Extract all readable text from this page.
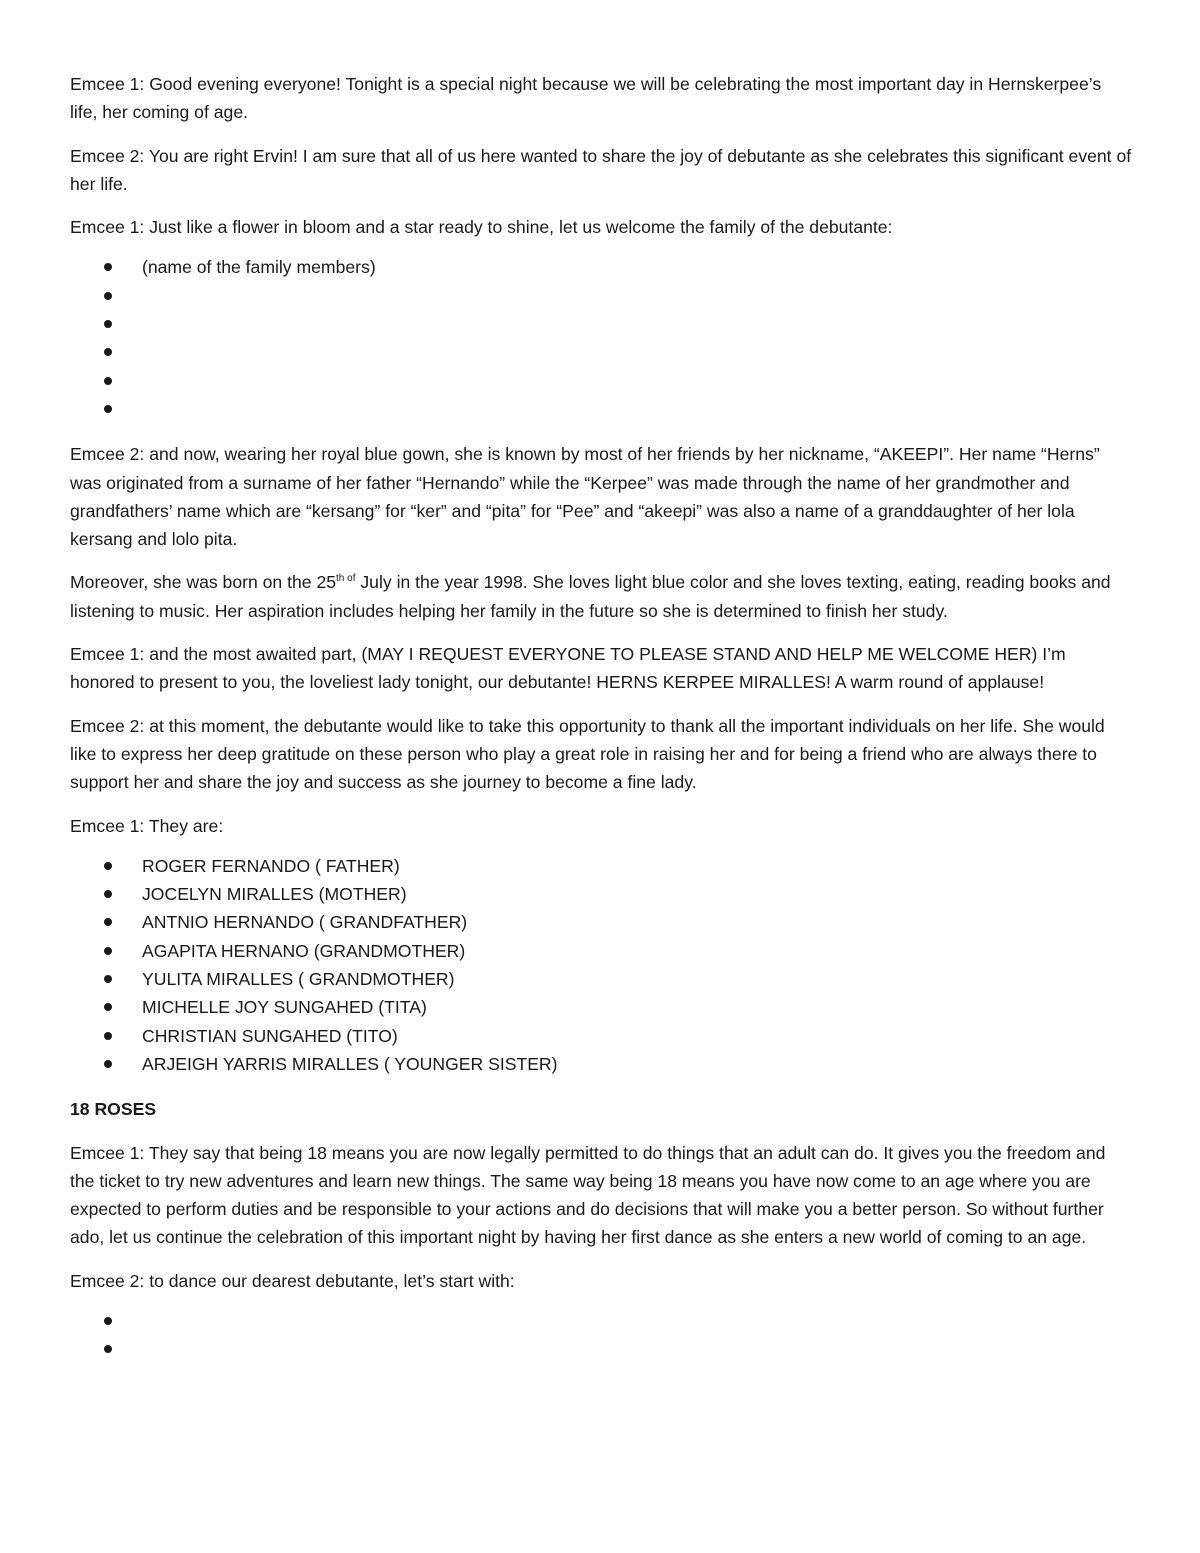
Emcee 1: Good evening everyone! Tonight is a special night because we will be celebrating the most important day in Hernskerpee’s life, her coming of age.

Emcee 2: You are right Ervin! I am sure that all of us here wanted to share the joy of debutante as she celebrates this significant event of her life.

Emcee 1: Just like a flower in bloom and a star ready to shine, let us welcome the family of the debutante:

(name of the family members)

Emcee 2: and now, wearing her royal blue gown, she is known by most of her friends by her nickname, “AKEEPI”. Her name “Herns” was originated from a surname of her father “Hernando” while the “Kerpee” was made through the name of her grandmother and grandfathers’ name which are “kersang” for “ker” and “pita” for “Pee” and “akeepi” was also a name of a granddaughter of her lola kersang and lolo pita.

Moreover, she was born on the $25^{th of}$ July in the year 1998. She loves light blue color and she loves texting, eating, reading books and listening to music. Her aspiration includes helping her family in the future so she is determined to finish her study.

Emcee 1: and the most awaited part, (MAY I REQUEST EVERYONE TO PLEASE STAND AND HELP ME WELCOME HER) I’m honored to present to you, the loveliest lady tonight, our debutante! HERNS KERPEE MIRALLES! A warm round of applause!

Emcee 2: at this moment, the debutante would like to take this opportunity to thank all the important individuals on her life. She would like to express her deep gratitude on these person who play a great role in raising her and for being a friend who are always there to support her and share the joy and success as she journey to become a fine lady.

Emcee 1: They are:

ROGER FERNANDO ( FATHER)
JOCELYN MIRALLES (MOTHER)
ANTNIO HERNANDO ( GRANDFATHER)
AGAPITA HERNANO (GRANDMOTHER)
YULITA MIRALLES ( GRANDMOTHER)
MICHELLE JOY SUNGAHED (TITA)
CHRISTIAN SUNGAHED (TITO)
ARJEIGH YARRIS MIRALLES ( YOUNGER SISTER)

18 ROSES

Emcee 1: They say that being 18 means you are now legally permitted to do things that an adult can do. It gives you the freedom and the ticket to try new adventures and learn new things. The same way being 18 means you have now come to an age where you are expected to perform duties and be responsible to your actions and do decisions that will make you a better person. So without further ado, let us continue the celebration of this important night by having her first dance as she enters a new world of coming to an age.

Emcee 2: to dance our dearest debutante, let’s start with:
